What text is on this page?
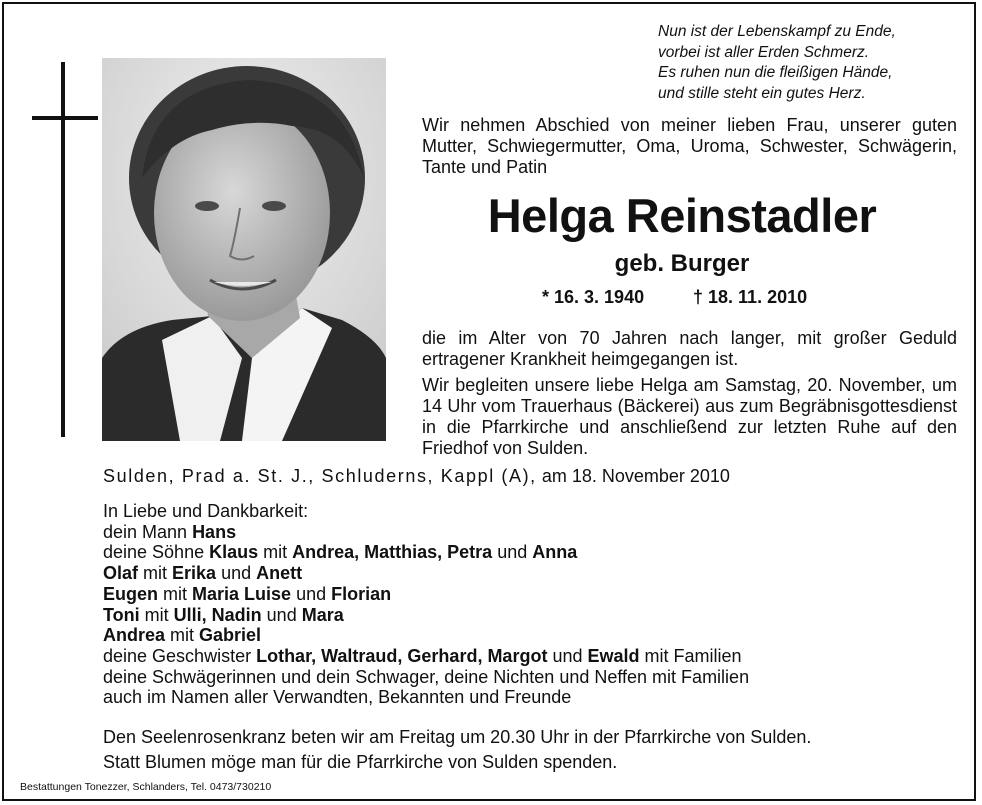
Nun ist der Lebenskampf zu Ende,
vorbei ist aller Erden Schmerz.
Es ruhen nun die fleißigen Hände,
und stille steht ein gutes Herz.
Wir nehmen Abschied von meiner lieben Frau, unserer guten Mutter, Schwiegermutter, Oma, Uroma, Schwester, Schwägerin, Tante und Patin
Helga Reinstadler
geb. Burger
* 16. 3. 1940	† 18. 11. 2010
die im Alter von 70 Jahren nach langer, mit großer Geduld ertragener Krankheit heimgegangen ist.
Wir begleiten unsere liebe Helga am Samstag, 20. November, um 14 Uhr vom Trauerhaus (Bäckerei) aus zum Begräbnisgottesdienst in die Pfarrkirche und anschließend zur letzten Ruhe auf den Friedhof von Sulden.
Sulden, Prad a. St. J., Schluderns, Kappl (A), am 18. November 2010
In Liebe und Dankbarkeit:
dein Mann Hans
deine Söhne Klaus mit Andrea, Matthias, Petra und Anna
Olaf mit Erika und Anett
Eugen mit Maria Luise und Florian
Toni mit Ulli, Nadin und Mara
Andrea mit Gabriel
deine Geschwister Lothar, Waltraud, Gerhard, Margot und Ewald mit Familien
deine Schwägerinnen und dein Schwager, deine Nichten und Neffen mit Familien
auch im Namen aller Verwandten, Bekannten und Freunde
Den Seelenrosenkranz beten wir am Freitag um 20.30 Uhr in der Pfarrkirche von Sulden.
Statt Blumen möge man für die Pfarrkirche von Sulden spenden.
Bestattungen Tonezzer, Schlanders, Tel. 0473/730210
